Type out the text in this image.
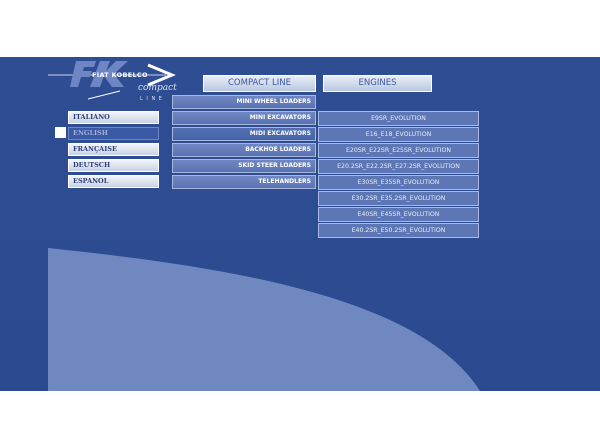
FIAT KOBELCO
compact
L I N E
COMPACT LINE	ENGINES
ITALIANO
ENGLISH
FRANÇAISE
DEUTSCH
ESPANOL
MINI WHEEL LOADERS
MINI EXCAVATORS
MIDI EXCAVATORS
BACKHOE LOADERS
SKID STEER LOADERS
TELEHANDLERS
E9SR_EVOLUTION
E16_E18_EVOLUTION
E20SR_E22SR_E25SR_EVOLUTION
E20.2SR_E22.2SR_E27.2SR_EVOLUTION
E30SR_E35SR_EVOLUTION
E30.2SR_E35.2SR_EVOLUTION
E40SR_E45SR_EVOLUTION
E40.2SR_E50.2SR_EVOLUTION
